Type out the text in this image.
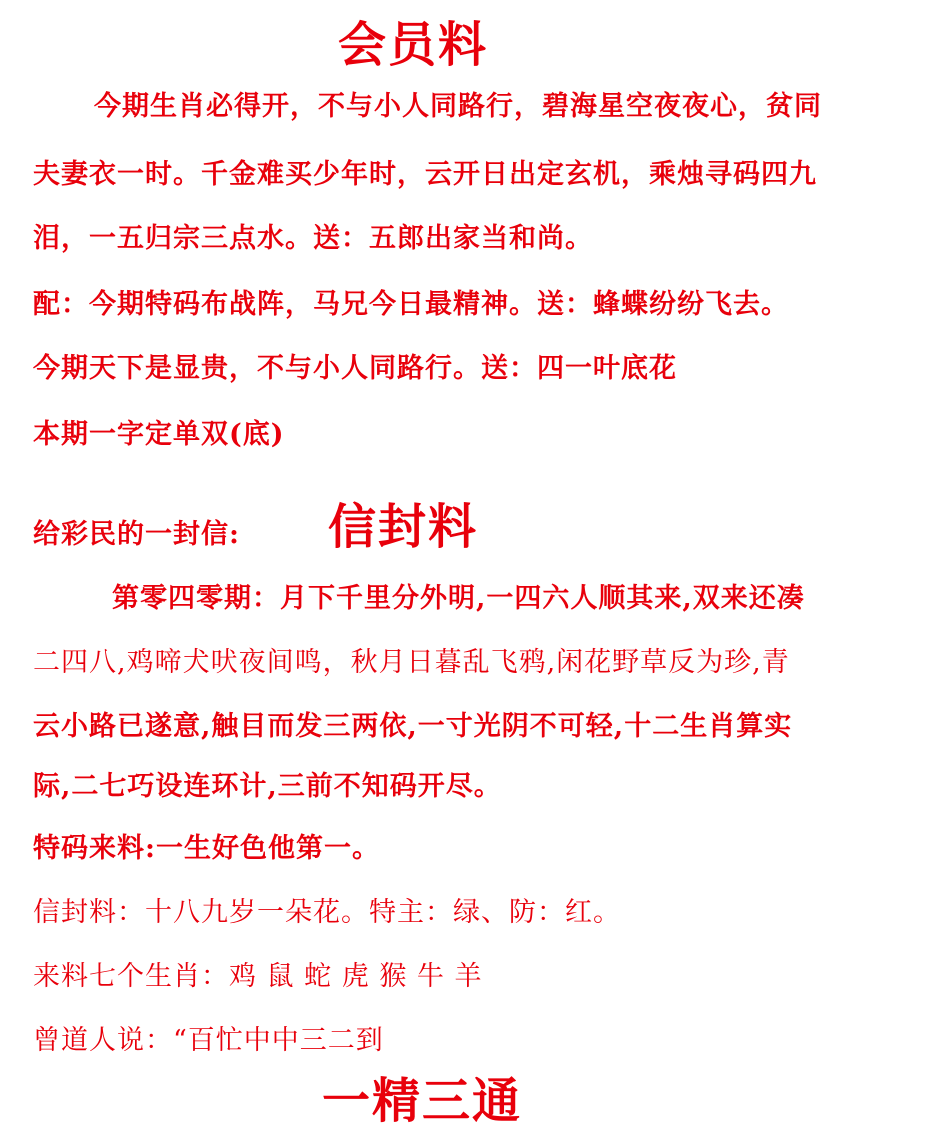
会员料
今期生肖必得开，不与小人同路行，碧海星空夜夜心，贫同
夫妻衣一时。千金难买少年时，云开日出定玄机，乘烛寻码四九
泪，一五归宗三点水。送：五郎出家当和尚。
配：今期特码布战阵，马兄今日最精神。送：蜂蝶纷纷飞去。
今期天下是显贵，不与小人同路行。送：四一叶底花
本期一字定单双(底)
给彩民的一封信: 信封料
第零四零期：月下千里分外明,一四六人顺其来,双来还凑
二四八,鸡啼犬吠夜间鸣，秋月日暮乱飞鸦,闲花野草反为珍,青
云小路已遂意,触目而发三两依,一寸光阴不可轻,十二生肖算实
际,二七巧设连环计,三前不知码开尽。
特码来料:一生好色他第一。
信封料：十八九岁一朵花。特主：绿、防：红。
来料七个生肖：鸡 鼠 蛇 虎 猴 牛 羊
曾道人说：“百忙中中三二到
一精三通
